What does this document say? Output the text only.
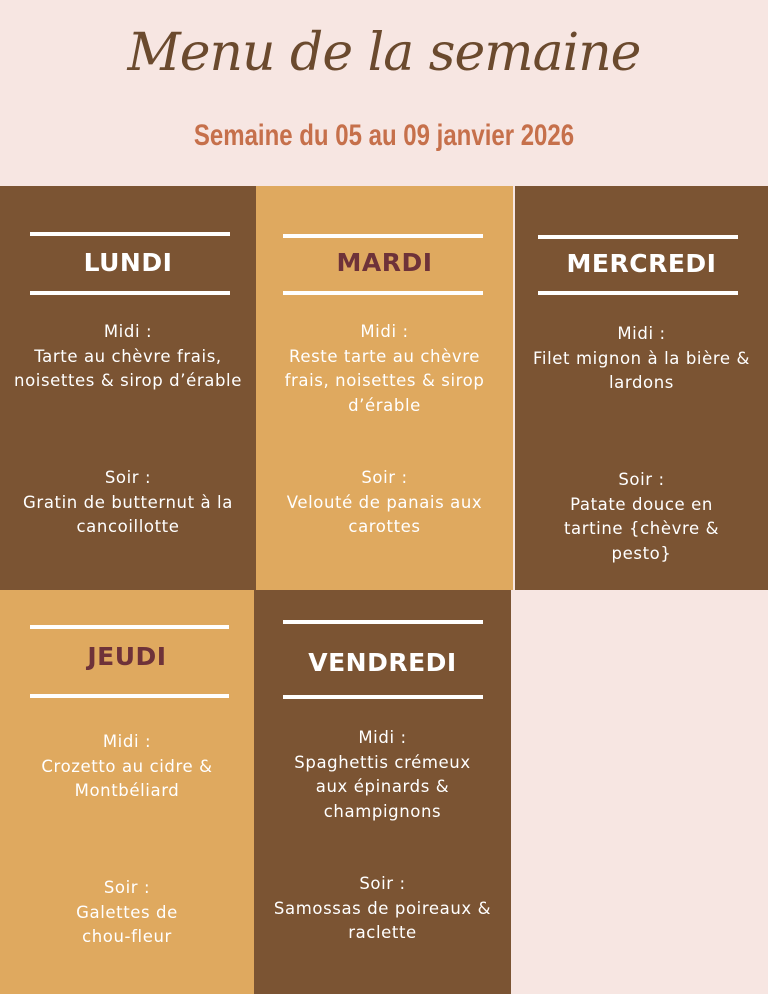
Menu de la semaine
Semaine du 05 au 09 janvier 2026
LUNDI
Midi :
Tarte au chèvre frais, noisettes & sirop d’érable
Soir :
Gratin de butternut à la cancoillotte
MARDI
Midi :
Reste tarte au chèvre frais, noisettes & sirop d’érable
Soir :
Velouté de panais aux carottes
MERCREDI
Midi :
Filet mignon à la bière & lardons
Soir :
Patate douce en tartine {chèvre & pesto}
JEUDI
Midi :
Crozetto au cidre & Montbéliard
Soir :
Galettes de chou-fleur
VENDREDI
Midi :
Spaghettis crémeux aux épinards & champignons
Soir :
Samossas de poireaux & raclette
